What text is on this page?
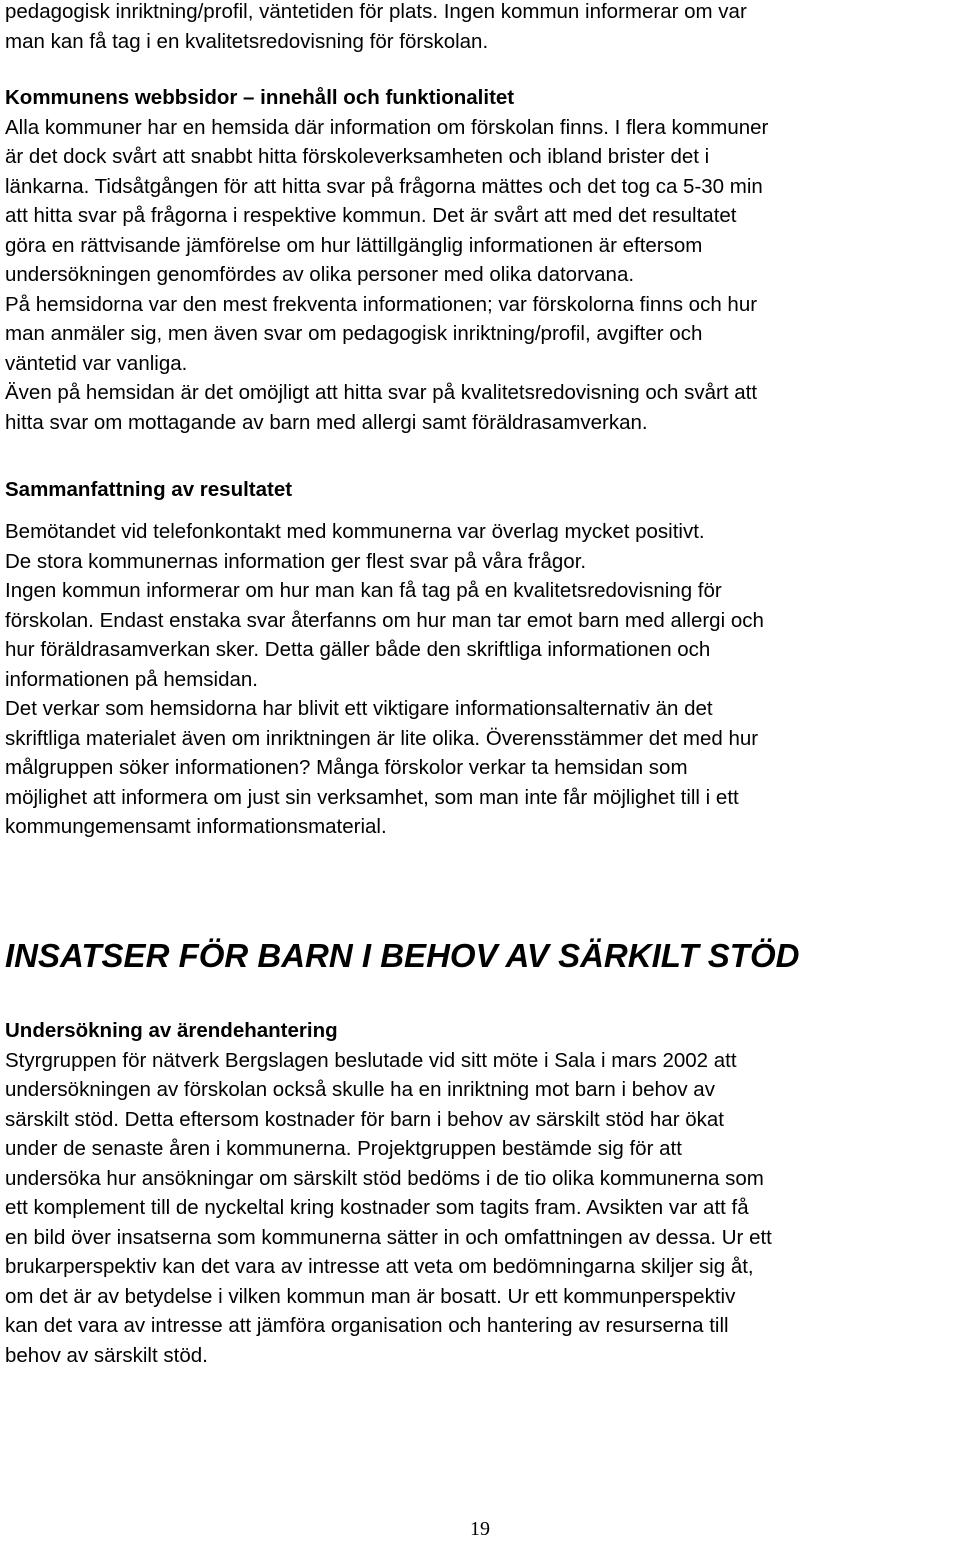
pedagogisk inriktning/profil, väntetiden för plats. Ingen kommun informerar om var
man kan få tag i en kvalitetsredovisning för förskolan.
Kommunens webbsidor – innehåll och funktionalitet
Alla kommuner har en hemsida där information om förskolan finns. I flera kommuner
är det dock svårt att snabbt hitta förskoleverksamheten och ibland brister det i
länkarna. Tidsåtgången för att hitta svar på frågorna mättes och det tog ca 5-30 min
att hitta svar på frågorna i respektive kommun. Det är svårt att med det resultatet
göra en rättvisande jämförelse om hur lättillgänglig informationen är eftersom
undersökningen genomfördes av olika personer med olika datorvana.
På hemsidorna var den mest frekventa informationen; var förskolorna finns och hur
man anmäler sig, men även svar om pedagogisk inriktning/profil, avgifter och
väntetid var vanliga.
Även på hemsidan är det omöjligt att hitta svar på kvalitetsredovisning och svårt att
hitta svar om mottagande av barn med allergi samt föräldrasamverkan.
Sammanfattning av resultatet
Bemötandet vid telefonkontakt med kommunerna var överlag mycket positivt.
De stora kommunernas information ger flest svar på våra frågor.
Ingen kommun informerar om hur man kan få tag på en kvalitetsredovisning för
förskolan. Endast enstaka svar återfanns om hur man tar emot barn med allergi och
hur föräldrasamverkan sker. Detta gäller både den skriftliga informationen och
informationen på hemsidan.
Det verkar som hemsidorna har blivit ett viktigare informationsalternativ än det
skriftliga materialet även om inriktningen är lite olika. Överensstämmer det med hur
målgruppen söker informationen? Många förskolor verkar ta hemsidan som
möjlighet att informera om just sin verksamhet, som man inte får möjlighet till i ett
kommungemensamt informationsmaterial.
INSATSER FÖR BARN I BEHOV AV SÄRKILT STÖD
Undersökning av ärendehantering
Styrgruppen för nätverk Bergslagen beslutade vid sitt möte i Sala i mars 2002 att
undersökningen av förskolan också skulle ha en inriktning mot barn i behov av
särskilt stöd. Detta eftersom kostnader för barn i behov av särskilt stöd har ökat
under de senaste åren i kommunerna. Projektgruppen bestämde sig för att
undersöka hur ansökningar om särskilt stöd bedöms i de tio olika kommunerna som
ett komplement till de nyckeltal kring kostnader som tagits fram. Avsikten var att få
en bild över insatserna som kommunerna sätter in och omfattningen av dessa. Ur ett
brukarperspektiv kan det vara av intresse att veta om bedömningarna skiljer sig åt,
om det är av betydelse i vilken kommun man är bosatt. Ur ett kommunperspektiv
kan det vara av intresse att jämföra organisation och hantering av resurserna till
behov av särskilt stöd.
19
